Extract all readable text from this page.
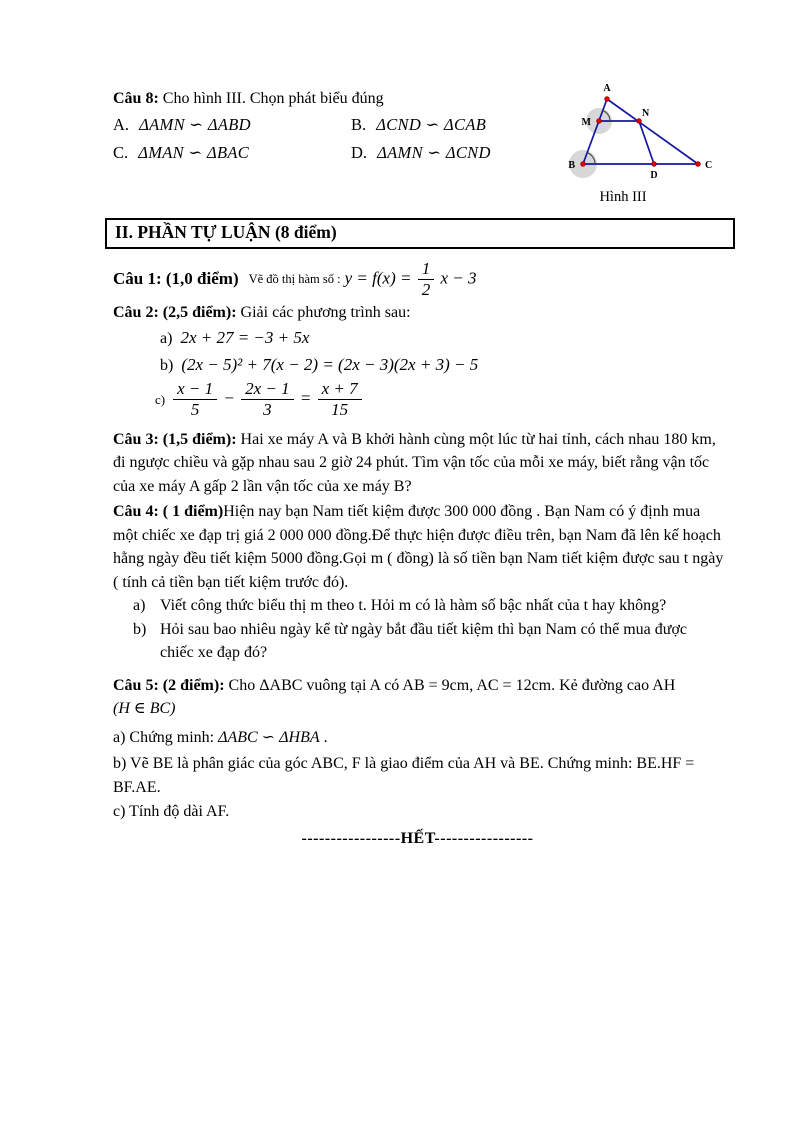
Câu 8: Cho hình III. Chọn phát biểu đúng
A. ΔAMN ∽ ΔABD	B. ΔCND ∽ ΔCAB
C. ΔMAN ∽ ΔBAC	D. ΔAMN ∽ ΔCND
A
M
N
B
D
C
Hình III
II. PHẦN TỰ LUẬN (8 điểm)
Câu 1: (1,0 điểm) Vẽ đồ thị hàm số : $y = f(x) = \frac{1}{2}$ x − 3
Câu 2: (2,5 điểm): Giải các phương trình sau:
a) 2x + 27 = −3 + 5x
b) (2x − 5)² + 7(x − 2) = (2x − 3)(2x + 3) − 5
$c) \frac{x - 1}{5} - \frac{2x - 1}{3} = \frac{x + 7}{15}$

Câu 3: (1,5 điểm): Hai xe máy A và B khởi hành cùng một lúc từ hai tỉnh, cách nhau 180 km, đi ngược chiều và gặp nhau sau 2 giờ 24 phút. Tìm vận tốc của mỗi xe máy, biết rằng vận tốc của xe máy A gấp 2 lần vận tốc của xe máy B?

Câu 4: ( 1 điểm)Hiện nay bạn Nam tiết kiệm được 300 000 đồng . Bạn Nam có ý định mua một chiếc xe đạp trị giá 2 000 000 đồng.Để thực hiện được điều trên, bạn Nam đã lên kế hoạch hằng ngày đều tiết kiệm 5000 đồng.Gọi m ( đồng) là số tiền bạn Nam tiết kiệm được sau t ngày ( tính cả tiền bạn tiết kiệm trước đó).

a) Viết công thức biểu thị m theo t. Hỏi m có là hàm số bậc nhất của t hay không?
b) Hỏi sau bao nhiêu ngày kể từ ngày bắt đầu tiết kiệm thì bạn Nam có thể mua được chiếc xe đạp đó?

Câu 5: (2 điểm): Cho ΔABC vuông tại A có AB = 9cm, AC = 12cm. Kẻ đường cao AH
(H ∈ BC)

a) Chứng minh: ΔABC ∽ ΔHBA .

b) Vẽ BE là phân giác của góc ABC, F là giao điểm của AH và BE. Chứng minh: BE.HF = BF.AE.

c) Tính độ dài AF.

-----------------HẾT-----------------
